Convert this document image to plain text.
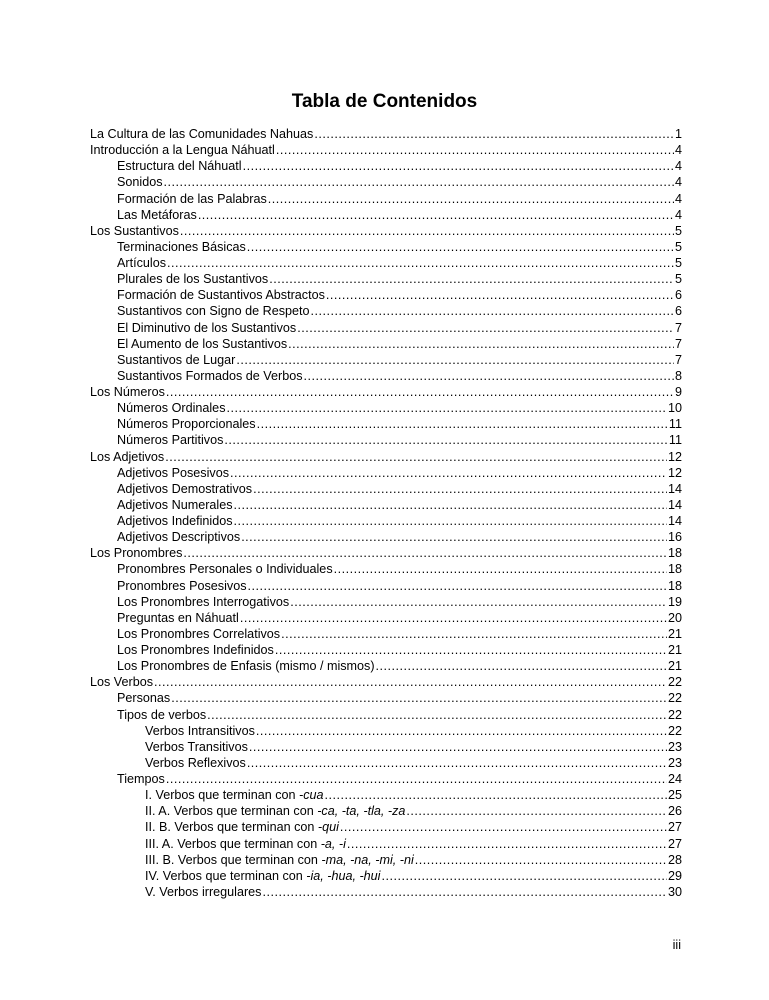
Tabla de Contenidos
La Cultura de las Comunidades Nahuas .....	1
Introducción a la Lengua Náhuatl .....	4
Estructura del Náhuatl .....	4
Sonidos .....	4
Formación de las Palabras .....	4
Las Metáforas .....	4
Los Sustantivos .....	5
Terminaciones Básicas .....	5
Artículos .....	5
Plurales de los Sustantivos .....	5
Formación de Sustantivos Abstractos .....	6
Sustantivos con Signo de Respeto .....	6
El Diminutivo de los Sustantivos .....	7
El Aumento de los Sustantivos .....	7
Sustantivos de Lugar .....	7
Sustantivos Formados de Verbos .....	8
Los Números .....	9
Números Ordinales .....	10
Números Proporcionales .....	11
Números Partitivos .....	11
Los Adjetivos .....	12
Adjetivos Posesivos .....	12
Adjetivos Demostrativos .....	14
Adjetivos Numerales .....	14
Adjetivos Indefinidos .....	14
Adjetivos Descriptivos .....	16
Los Pronombres .....	18
Pronombres Personales o Individuales .....	18
Pronombres Posesivos .....	18
Los Pronombres Interrogativos .....	19
Preguntas en Náhuatl .....	20
Los Pronombres Correlativos .....	21
Los Pronombres Indefinidos .....	21
Los Pronombres de Enfasis (mismo / mismos) .....	21
Los Verbos .....	22
Personas .....	22
Tipos de verbos .....	22
Verbos Intransitivos .....	22
Verbos Transitivos .....	23
Verbos Reflexivos .....	23
Tiempos .....	24
I. Verbos que terminan con -cua .....	25
II. A. Verbos que terminan con -ca, -ta, -tla, -za .....	26
II. B. Verbos que terminan con -qui .....	27
III. A. Verbos que terminan con -a, -i .....	27
III. B. Verbos que terminan con -ma, -na, -mi, -ni .....	28
IV. Verbos que terminan con -ia, -hua, -hui .....	29
V. Verbos irregulares .....	30
iii
